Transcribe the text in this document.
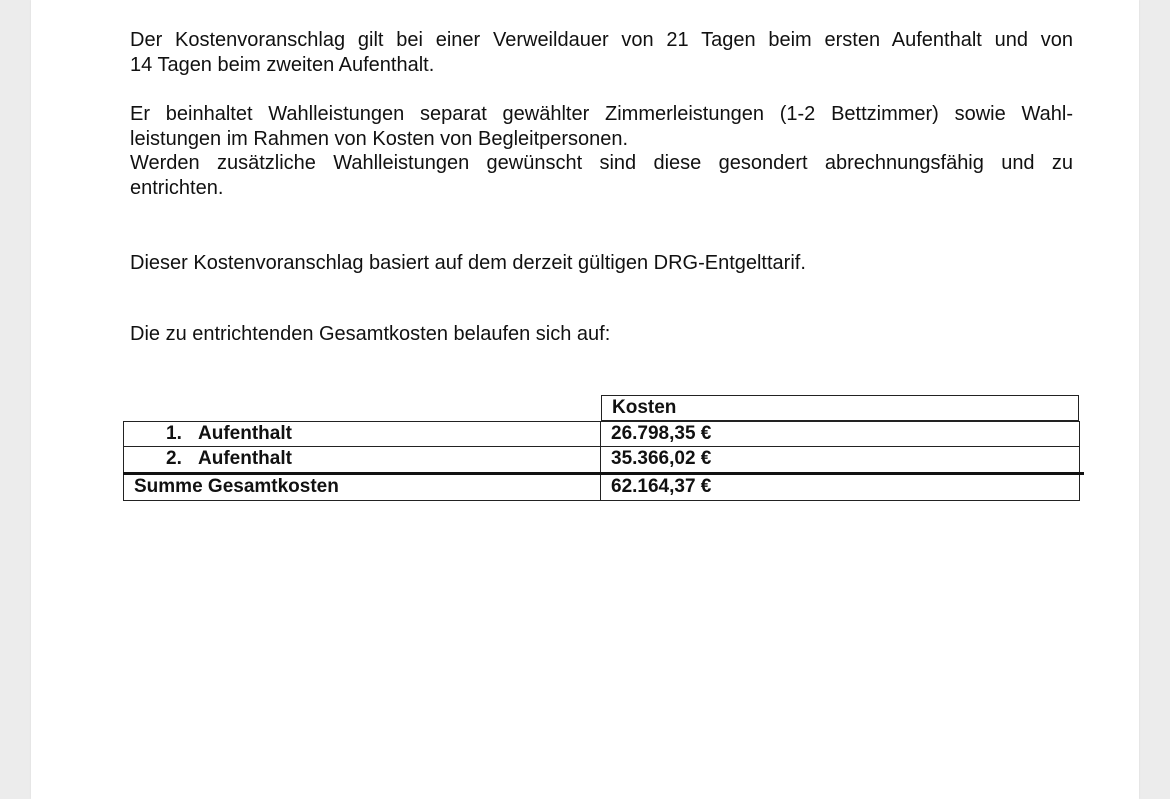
Der Kostenvoranschlag gilt bei einer Verweildauer von 21 Tagen beim ersten Aufenthalt und von
14 Tagen beim zweiten Aufenthalt.
Er beinhaltet Wahlleistungen separat gewählter Zimmerleistungen (1-2 Bettzimmer) sowie Wahl-
leistungen im Rahmen von Kosten von Begleitpersonen.
Werden zusätzliche Wahlleistungen gewünscht sind diese gesondert abrechnungsfähig und zu
entrichten.

Dieser Kostenvoranschlag basiert auf dem derzeit gültigen DRG-Entgelttarif.

Die zu entrichtenden Gesamtkosten belaufen sich auf:

Kosten
1. Aufenthalt	26.798,35 €
2. Aufenthalt	35.366,02 €
Summe Gesamtkosten	62.164,37 €
